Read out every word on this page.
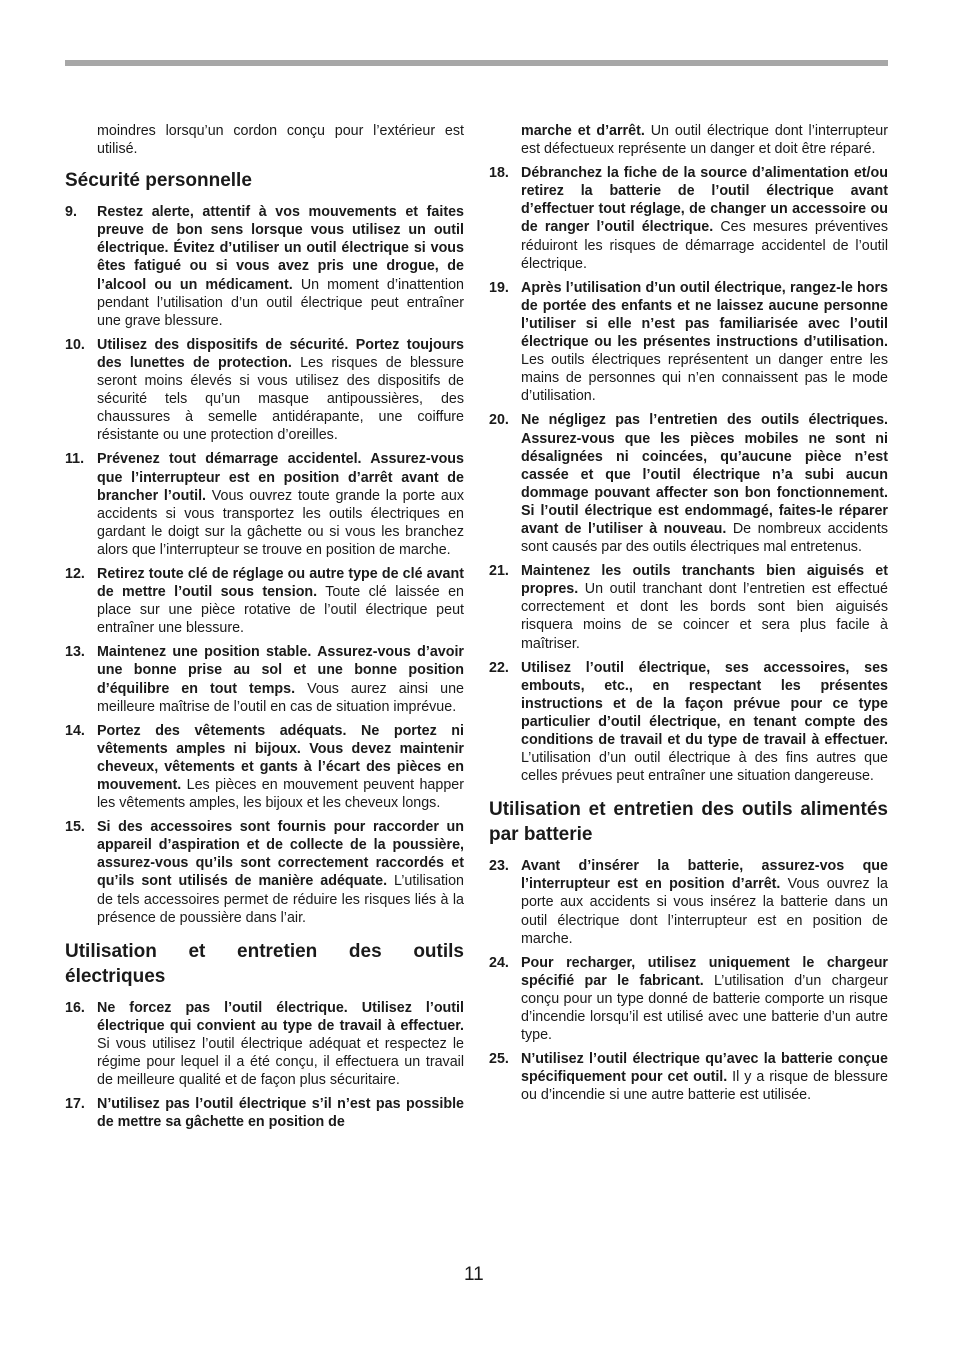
moindres lorsqu’un cordon conçu pour l’extérieur est utilisé.

Sécurité personnelle
9.	Restez alerte, attentif à vos mouvements et faites preuve de bon sens lorsque vous utilisez un outil électrique. Évitez d’utiliser un outil électrique si vous êtes fatigué ou si vous avez pris une drogue, de l’alcool ou un médicament. Un moment d’inattention pendant l’utilisation d’un outil électrique peut entraîner une grave blessure.
10. Utilisez des dispositifs de sécurité. Portez toujours des lunettes de protection. Les risques de blessure seront moins élevés si vous utilisez des dispositifs de sécurité tels qu’un masque antipoussières, des chaussures à semelle antidérapante, une coiffure résistante ou une protection d’oreilles.
11. Prévenez tout démarrage accidentel. Assurez-vous que l’interrupteur est en position d’arrêt avant de brancher l’outil. Vous ouvrez toute grande la porte aux accidents si vous transportez les outils électriques en gardant le doigt sur la gâchette ou si vous les branchez alors que l’interrupteur se trouve en position de marche.
12. Retirez toute clé de réglage ou autre type de clé avant de mettre l’outil sous tension. Toute clé laissée en place sur une pièce rotative de l’outil électrique peut entraîner une blessure.
13. Maintenez une position stable. Assurez-vous d’avoir une bonne prise au sol et une bonne position d’équilibre en tout temps. Vous aurez ainsi une meilleure maîtrise de l’outil en cas de situation imprévue.
14. Portez des vêtements adéquats. Ne portez ni vêtements amples ni bijoux. Vous devez maintenir cheveux, vêtements et gants à l’écart des pièces en mouvement. Les pièces en mouvement peuvent happer les vêtements amples, les bijoux et les cheveux longs.
15. Si des accessoires sont fournis pour raccorder un appareil d’aspiration et de collecte de la poussière, assurez-vous qu’ils sont correctement raccordés et qu’ils sont utilisés de manière adéquate. L’utilisation de tels accessoires permet de réduire les risques liés à la présence de poussière dans l’air.
Utilisation et entretien des outils électriques
16. Ne forcez pas l’outil électrique. Utilisez l’outil électrique qui convient au type de travail à effectuer. Si vous utilisez l’outil électrique adéquat et respectez le régime pour lequel il a été conçu, il effectuera un travail de meilleure qualité et de façon plus sécuritaire.
17. N’utilisez pas l’outil électrique s’il n’est pas possible de mettre sa gâchette en position de

marche et d’arrêt. Un outil électrique dont l’interrupteur est défectueux représente un danger et doit être réparé.

18. Débranchez la fiche de la source d’alimentation et/ou retirez la batterie de l’outil électrique avant d’effectuer tout réglage, de changer un accessoire ou de ranger l’outil électrique. Ces mesures préventives réduiront les risques de démarrage accidentel de l’outil électrique.
19. Après l’utilisation d’un outil électrique, rangez-le hors de portée des enfants et ne laissez aucune personne l’utiliser si elle n’est pas familiarisée avec l’outil électrique ou les présentes instructions d’utilisation. Les outils électriques représentent un danger entre les mains de personnes qui n’en connaissent pas le mode d’utilisation.
20. Ne négligez pas l’entretien des outils électriques. Assurez-vous que les pièces mobiles ne sont ni désalignées ni coincées, qu’aucune pièce n’est cassée et que l’outil électrique n’a subi aucun dommage pouvant affecter son bon fonctionnement. Si l’outil électrique est endommagé, faites-le réparer avant de l’utiliser à nouveau. De nombreux accidents sont causés par des outils électriques mal entretenus.
21. Maintenez les outils tranchants bien aiguisés et propres. Un outil tranchant dont l’entretien est effectué correctement et dont les bords sont bien aiguisés risquera moins de se coincer et sera plus facile à maîtriser.
22. Utilisez l’outil électrique, ses accessoires, ses embouts, etc., en respectant les présentes instructions et de la façon prévue pour ce type particulier d’outil électrique, en tenant compte des conditions de travail et du type de travail à effectuer. L’utilisation d’un outil électrique à des fins autres que celles prévues peut entraîner une situation dangereuse.
Utilisation et entretien des outils alimentés par batterie
23. Avant d’insérer la batterie, assurez-vos que l’interrupteur est en position d’arrêt. Vous ouvrez la porte aux accidents si vous insérez la batterie dans un outil électrique dont l’interrupteur est en position de marche.
24. Pour recharger, utilisez uniquement le chargeur spécifié par le fabricant. L’utilisation d’un chargeur conçu pour un type donné de batterie comporte un risque d’incendie lorsqu’il est utilisé avec une batterie d’un autre type.
25. N’utilisez l’outil électrique qu’avec la batterie conçue spécifiquement pour cet outil. Il y a risque de blessure ou d’incendie si une autre batterie est utilisée.
11
